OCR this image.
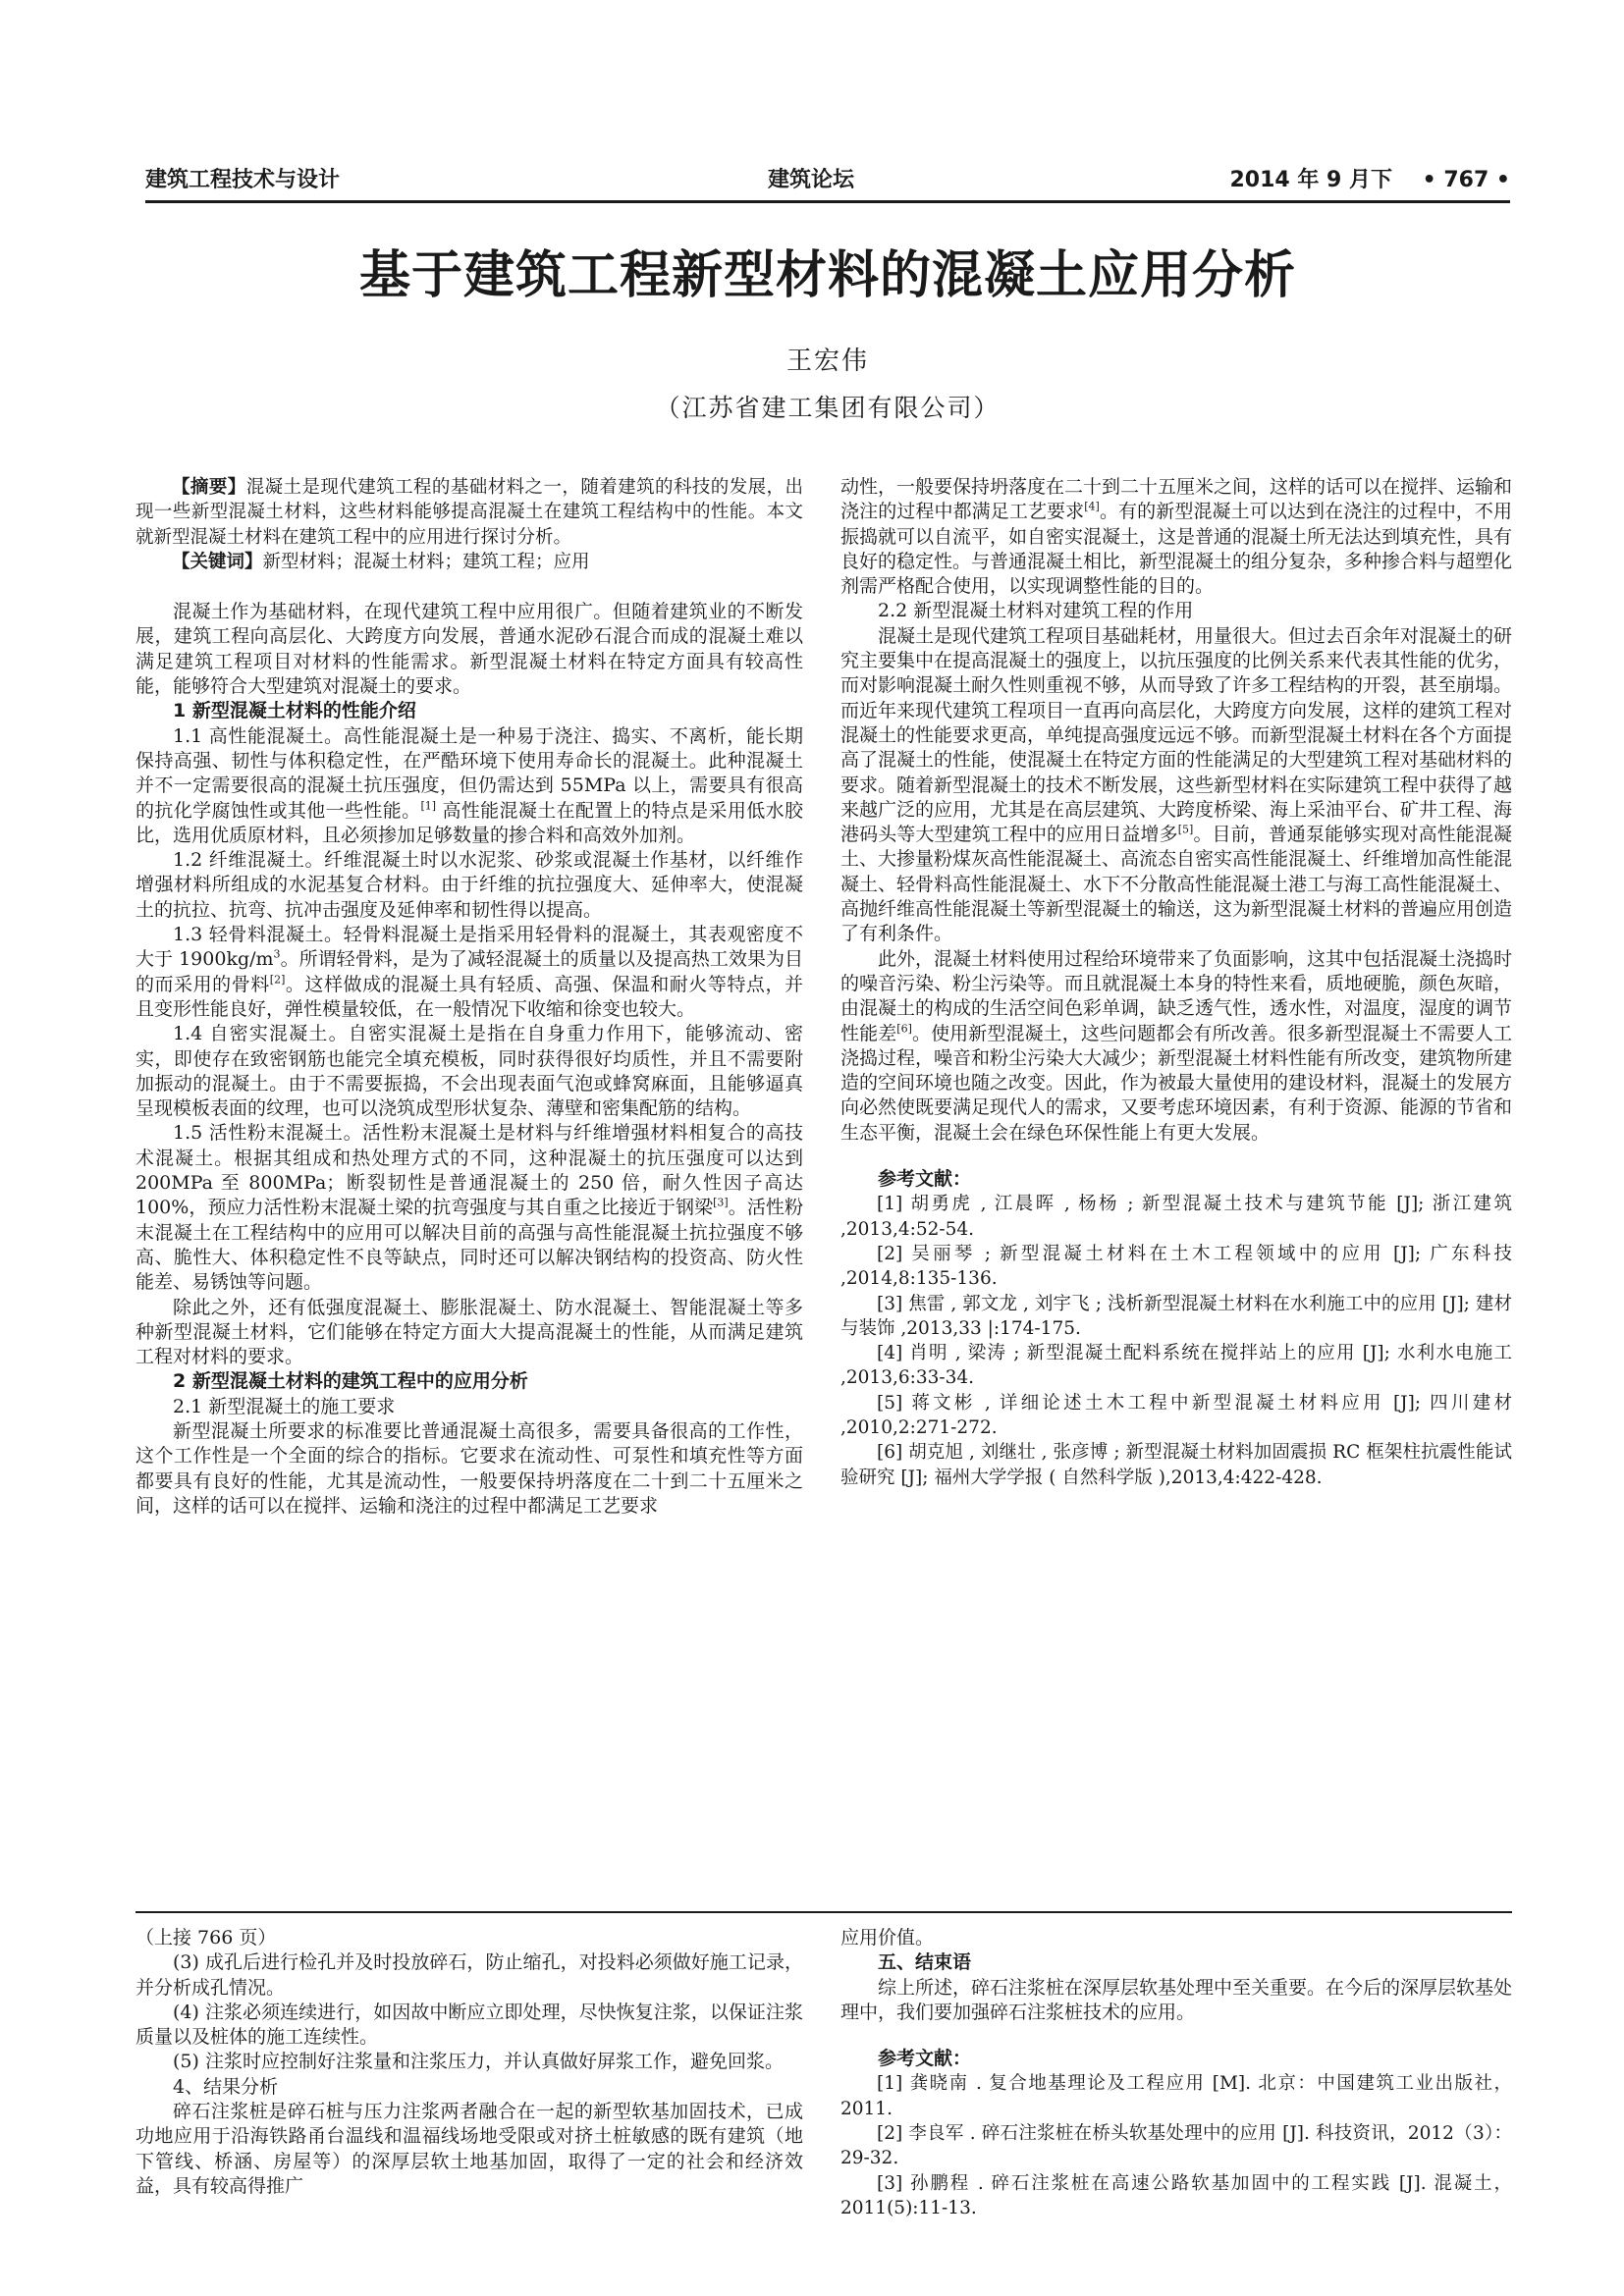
建筑工程技术与设计	建筑论坛	2014 年 9 月下 • 767 •
基于建筑工程新型材料的混凝土应用分析
王宏伟
（江苏省建工集团有限公司）

【摘要】混凝土是现代建筑工程的基础材料之一，随着建筑的科技的发展，出现一些新型混凝土材料，这些材料能够提高混凝土在建筑工程结构中的性能。本文就新型混凝土材料在建筑工程中的应用进行探讨分析。

【关键词】新型材料；混凝土材料；建筑工程；应用

混凝土作为基础材料，在现代建筑工程中应用很广。但随着建筑业的不断发展，建筑工程向高层化、大跨度方向发展，普通水泥砂石混合而成的混凝土难以满足建筑工程项目对材料的性能需求。新型混凝土材料在特定方面具有较高性能，能够符合大型建筑对混凝土的要求。

1 新型混凝土材料的性能介绍

1.1 高性能混凝土。高性能混凝土是一种易于浇注、捣实、不离析，能长期保持高强、韧性与体积稳定性，在严酷环境下使用寿命长的混凝土。此种混凝土并不一定需要很高的混凝土抗压强度，但仍需达到 55MPa 以上，需要具有很高的抗化学腐蚀性或其他一些性能。[1] 高性能混凝土在配置上的特点是采用低水胶比，选用优质原材料，且必须掺加足够数量的掺合料和高效外加剂。

1.2 纤维混凝土。纤维混凝土时以水泥浆、砂浆或混凝土作基材，以纤维作增强材料所组成的水泥基复合材料。由于纤维的抗拉强度大、延伸率大，使混凝土的抗拉、抗弯、抗冲击强度及延伸率和韧性得以提高。

1.3 轻骨料混凝土。轻骨料混凝土是指采用轻骨料的混凝土，其表观密度不大于 $1900kg/m^3$。所谓轻骨料，是为了减轻混凝土的质量以及提高热工效果为目的而采用的骨料[2]。这样做成的混凝土具有轻质、高强、保温和耐火等特点，并且变形性能良好，弹性模量较低，在一般情况下收缩和徐变也较大。

1.4 自密实混凝土。自密实混凝土是指在自身重力作用下，能够流动、密实，即使存在致密钢筋也能完全填充模板，同时获得很好均质性，并且不需要附加振动的混凝土。由于不需要振捣，不会出现表面气泡或蜂窝麻面，且能够逼真呈现模板表面的纹理，也可以浇筑成型形状复杂、薄壁和密集配筋的结构。

1.5 活性粉末混凝土。活性粉末混凝土是材料与纤维增强材料相复合的高技术混凝土。根据其组成和热处理方式的不同，这种混凝土的抗压强度可以达到 200MPa 至 800MPa；断裂韧性是普通混凝土的 250 倍，耐久性因子高达 100%，预应力活性粉末混凝土梁的抗弯强度与其自重之比接近于钢梁[3]。活性粉末混凝土在工程结构中的应用可以解决目前的高强与高性能混凝土抗拉强度不够高、脆性大、体积稳定性不良等缺点，同时还可以解决钢结构的投资高、防火性能差、易锈蚀等问题。

除此之外，还有低强度混凝土、膨胀混凝土、防水混凝土、智能混凝土等多种新型混凝土材料，它们能够在特定方面大大提高混凝土的性能，从而满足建筑工程对材料的要求。

2 新型混凝土材料的建筑工程中的应用分析

2.1 新型混凝土的施工要求

新型混凝土所要求的标准要比普通混凝土高很多，需要具备很高的工作性，这个工作性是一个全面的综合的指标。它要求在流动性、可泵性和填充性等方面都要具有良好的性能，尤其是流动性，一般要保持坍落度在二十到二十五厘米之间，这样的话可以在搅拌、运输和浇注的过程中都满足工艺要求

动性，一般要保持坍落度在二十到二十五厘米之间，这样的话可以在搅拌、运输和浇注的过程中都满足工艺要求[4]。有的新型混凝土可以达到在浇注的过程中，不用振捣就可以自流平，如自密实混凝土，这是普通的混凝土所无法达到填充性，具有良好的稳定性。与普通混凝土相比，新型混凝土的组分复杂，多种掺合料与超塑化剂需严格配合使用，以实现调整性能的目的。

2.2 新型混凝土材料对建筑工程的作用

混凝土是现代建筑工程项目基础耗材，用量很大。但过去百余年对混凝土的研究主要集中在提高混凝土的强度上，以抗压强度的比例关系来代表其性能的优劣，而对影响混凝土耐久性则重视不够，从而导致了许多工程结构的开裂，甚至崩塌。而近年来现代建筑工程项目一直再向高层化，大跨度方向发展，这样的建筑工程对混凝土的性能要求更高，单纯提高强度远远不够。而新型混凝土材料在各个方面提高了混凝土的性能，使混凝土在特定方面的性能满足的大型建筑工程对基础材料的要求。随着新型混凝土的技术不断发展，这些新型材料在实际建筑工程中获得了越来越广泛的应用，尤其是在高层建筑、大跨度桥梁、海上采油平台、矿井工程、海港码头等大型建筑工程中的应用日益增多[5]。目前，普通泵能够实现对高性能混凝土、大掺量粉煤灰高性能混凝土、高流态自密实高性能混凝土、纤维增加高性能混凝土、轻骨料高性能混凝土、水下不分散高性能混凝土港工与海工高性能混凝土、高抛纤维高性能混凝土等新型混凝土的输送，这为新型混凝土材料的普遍应用创造了有利条件。

此外，混凝土材料使用过程给环境带来了负面影响，这其中包括混凝土浇捣时的噪音污染、粉尘污染等。而且就混凝土本身的特性来看，质地硬脆，颜色灰暗，由混凝土的构成的生活空间色彩单调，缺乏透气性，透水性，对温度，湿度的调节性能差[6]。使用新型混凝土，这些问题都会有所改善。很多新型混凝土不需要人工浇捣过程，噪音和粉尘污染大大减少；新型混凝土材料性能有所改变，建筑物所建造的空间环境也随之改变。因此，作为被最大量使用的建设材料，混凝土的发展方向必然使既要满足现代人的需求，又要考虑环境因素，有利于资源、能源的节省和生态平衡，混凝土会在绿色环保性能上有更大发展。

参考文献：

[1] 胡勇虎 , 江晨晖 , 杨杨 ; 新型混凝土技术与建筑节能 [J]; 浙江建筑 ,2013,4:52-54.

[2] 吴丽琴 ; 新型混凝土材料在土木工程领域中的应用 [J]; 广东科技 ,2014,8:135-136.

[3] 焦雷 , 郭文龙 , 刘宇飞 ; 浅析新型混凝土材料在水利施工中的应用 [J]; 建材与装饰 ,2013,33 |:174-175.

[4] 肖明 , 梁涛 ; 新型混凝土配料系统在搅拌站上的应用 [J]; 水利水电施工 ,2013,6:33-34.

[5] 蒋文彬 , 详细论述土木工程中新型混凝土材料应用 [J]; 四川建材 ,2010,2:271-272.

[6] 胡克旭 , 刘继壮 , 张彦博 ; 新型混凝土材料加固震损 RC 框架柱抗震性能试验研究 [J]; 福州大学学报 ( 自然科学版 ),2013,4:422-428.

（上接 766 页）

(3) 成孔后进行检孔并及时投放碎石，防止缩孔，对投料必须做好施工记录，并分析成孔情况。

(4) 注浆必须连续进行，如因故中断应立即处理，尽快恢复注浆，以保证注浆质量以及桩体的施工连续性。

(5) 注浆时应控制好注浆量和注浆压力，并认真做好屏浆工作，避免回浆。

4、结果分析

碎石注浆桩是碎石桩与压力注浆两者融合在一起的新型软基加固技术，已成功地应用于沿海铁路甬台温线和温福线场地受限或对挤土桩敏感的既有建筑（地下管线、桥涵、房屋等）的深厚层软土地基加固，取得了一定的社会和经济效益，具有较高得推广

应用价值。

五、结束语

综上所述，碎石注浆桩在深厚层软基处理中至关重要。在今后的深厚层软基处理中，我们要加强碎石注浆桩技术的应用。

参考文献：

[1] 龚晓南 . 复合地基理论及工程应用 [M]. 北京：中国建筑工业出版社，2011.

[2] 李良军 . 碎石注浆桩在桥头软基处理中的应用 [J]. 科技资讯，2012（3）：29-32.

[3] 孙鹏程 . 碎石注浆桩在高速公路软基加固中的工程实践 [J]. 混凝土，2011(5):11-13.
